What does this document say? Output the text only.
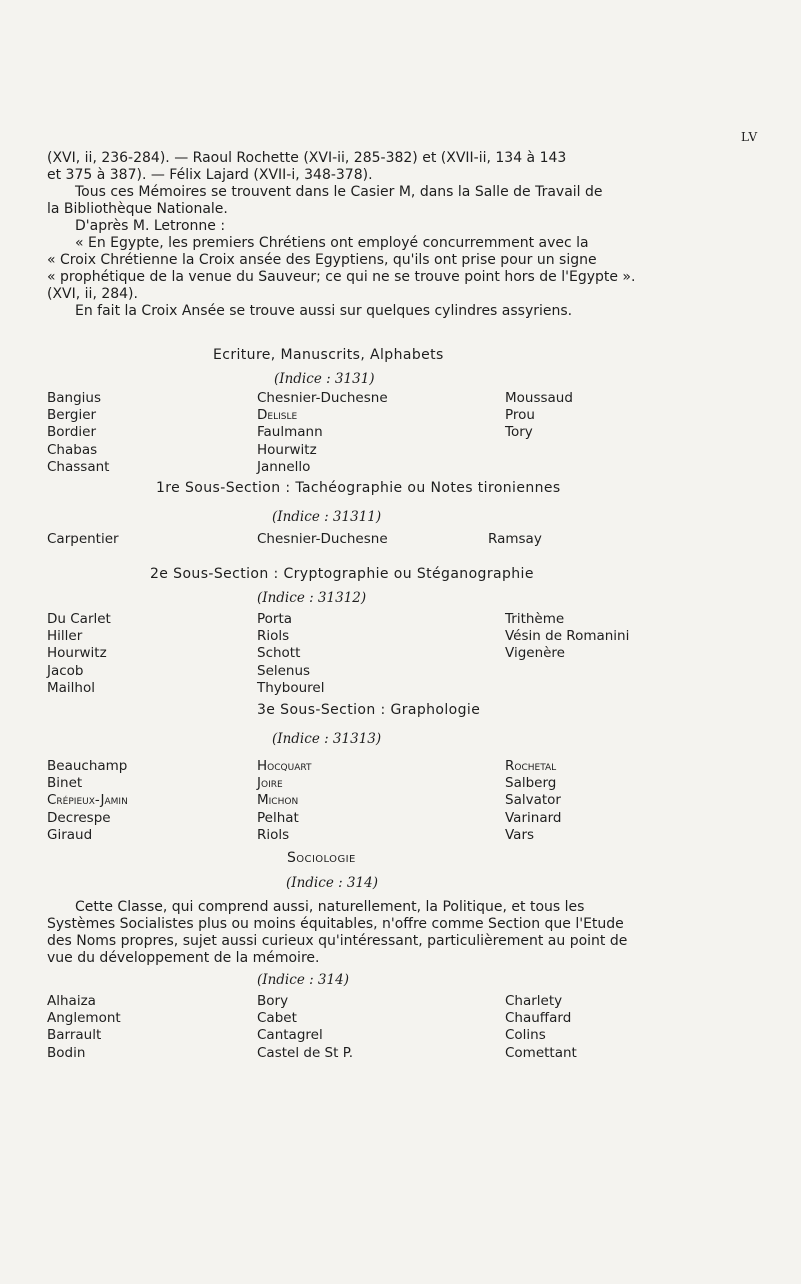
LV
(XVI, ii, 236-284). — Raoul Rochette (XVI-ii, 285-382) et (XVII-ii, 134 à 143
et 375 à 387). — Félix Lajard (XVII-i, 348-378).
Tous ces Mémoires se trouvent dans le Casier M, dans la Salle de Travail de
la Bibliothèque Nationale.
D'après M. Letronne :
« En Egypte, les premiers Chrétiens ont employé concurremment avec la
« Croix Chrétienne la Croix ansée des Egyptiens, qu'ils ont prise pour un signe
« prophétique de la venue du Sauveur; ce qui ne se trouve point hors de l'Egypte ».
(XVI, ii, 284).
En fait la Croix Ansée se trouve aussi sur quelques cylindres assyriens.
Ecriture, Manuscrits, Alphabets
(Indice : 3131)
Bangius
Bergier
Bordier
Chabas
Chassant
Chesnier-Duchesne
Delisle
Faulmann
Hourwitz
Jannello
Moussaud
Prou
Tory
1re Sous-Section : Tachéographie ou Notes tironiennes
(Indice : 31311)
Carpentier	Chesnier-Duchesne	Ramsay
2e Sous-Section : Cryptographie ou Stéganographie
(Indice : 31312)
Du Carlet
Hiller
Hourwitz
Jacob
Mailhol
Porta
Riols
Schott
Selenus
Thybourel
Trithème
Vésin de Romanini
Vigenère
3e Sous-Section : Graphologie
(Indice : 31313)
Beauchamp
Binet
Crépieux-Jamin
Decrespe
Giraud
Hocquart
Joire
Michon
Pelhat
Riols
Rochetal
Salberg
Salvator
Varinard
Vars
Sociologie
(Indice : 314)
Cette Classe, qui comprend aussi, naturellement, la Politique, et tous les
Systèmes Socialistes plus ou moins équitables, n'offre comme Section que l'Etude
des Noms propres, sujet aussi curieux qu'intéressant, particulièrement au point de
vue du développement de la mémoire.
(Indice : 314)
Alhaiza
Anglemont
Barrault
Bodin
Bory
Cabet
Cantagrel
Castel de St P.
Charlety
Chauffard
Colins
Comettant
